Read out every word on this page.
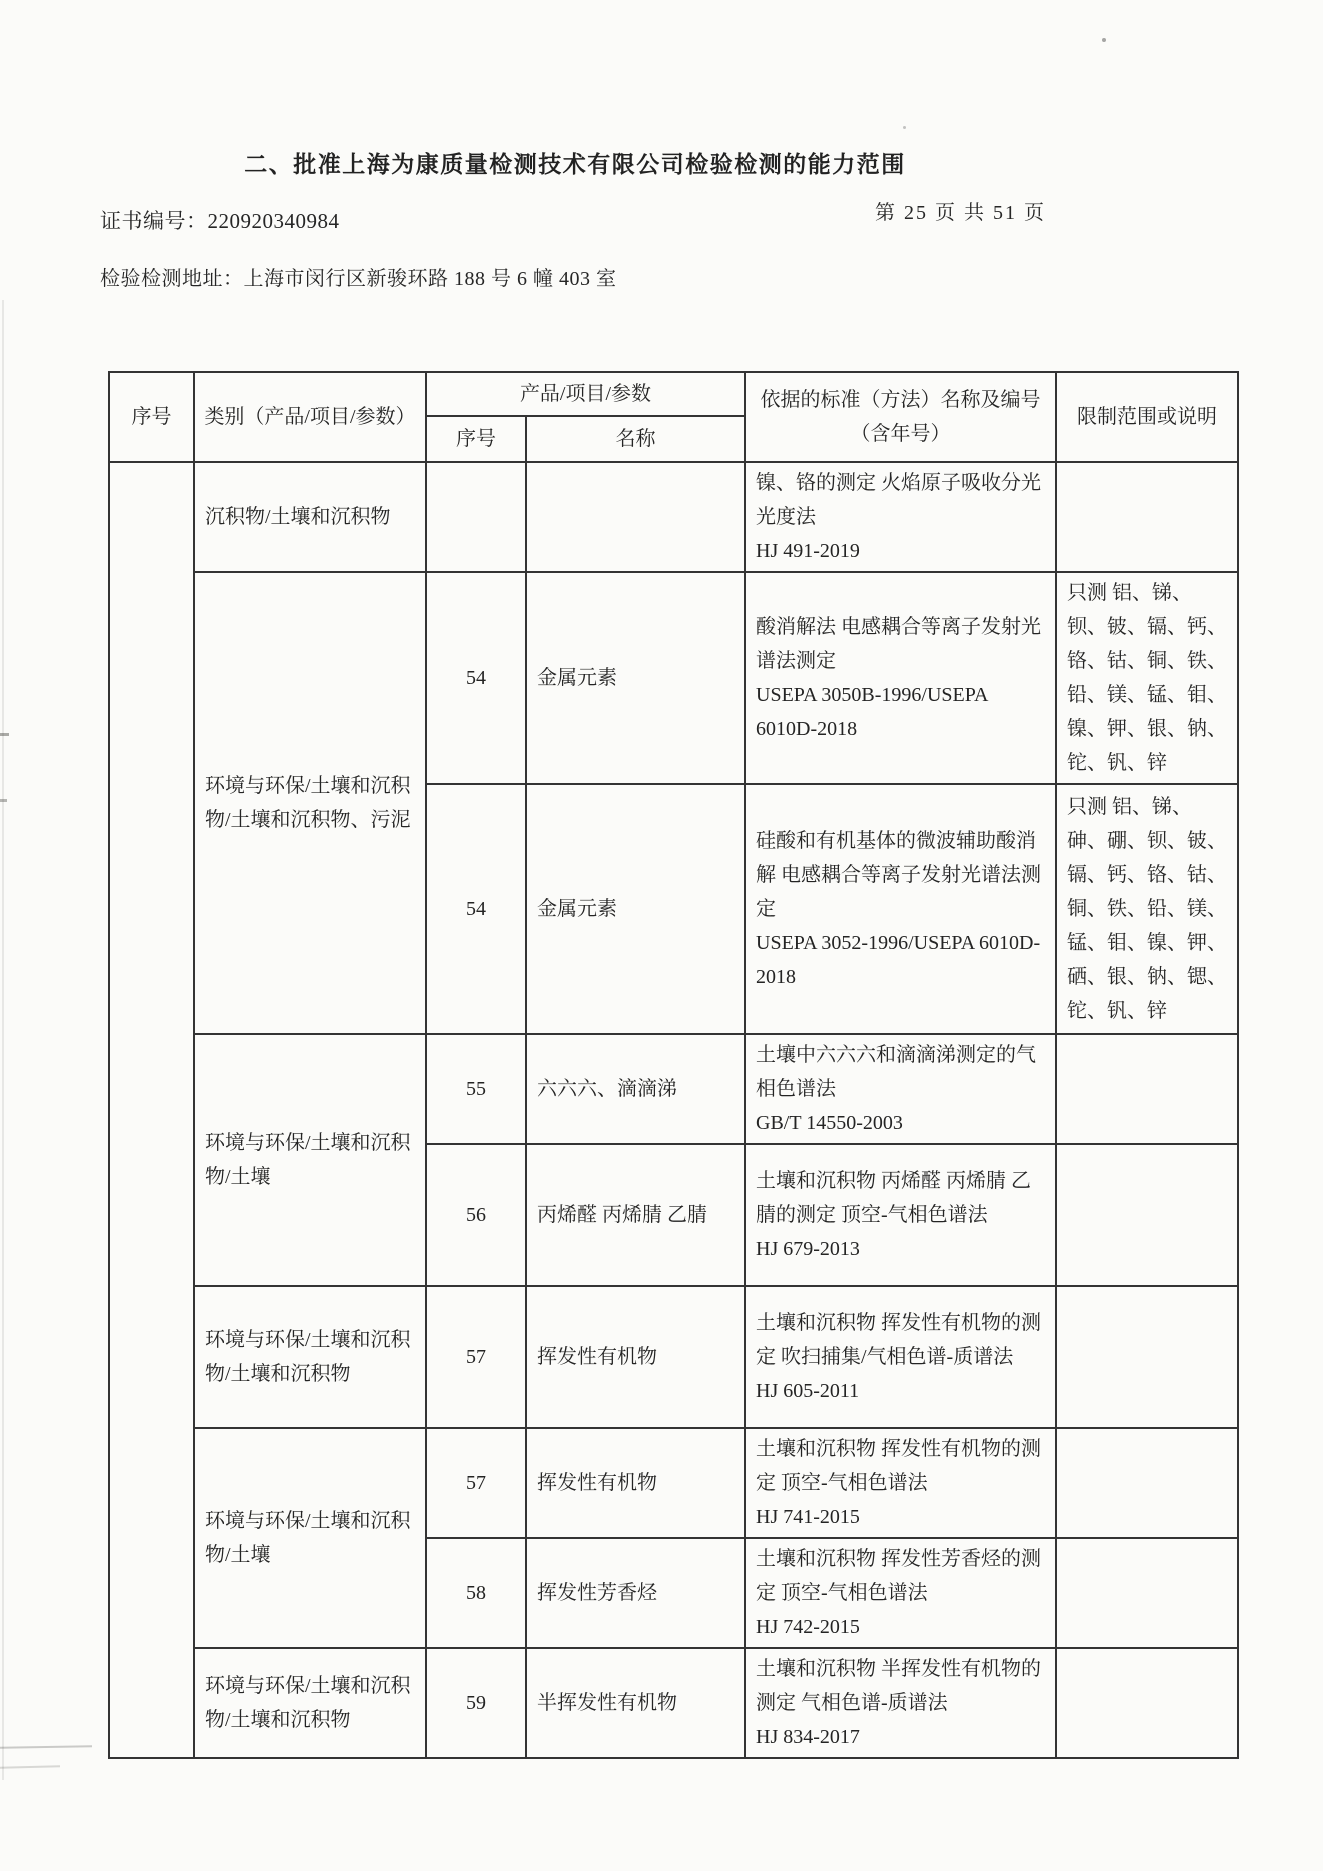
二、批准上海为康质量检测技术有限公司检验检测的能力范围
证书编号：220920340984	第 25 页 共 51 页
检验检测地址：上海市闵行区新骏环路 188 号 6 幢 403 室
序号	类别（产品/项目/参数）	产品/项目/参数		依据的标准（方法）名称及编号（含年号）	限制范围或说明
		序号	名称		
	沉积物/土壤和沉积物			镍、铬的测定 火焰原子吸收分光光度法
HJ 491-2019	

	环境与环保/土壤和沉积物/土壤和沉积物、污泥	54	金属元素	酸消解法 电感耦合等离子发射光谱法测定
USEPA 3050B-1996/USEPA 6010D-2018	只测 铝、锑、钡、铍、镉、钙、铬、钴、铜、铁、铅、镁、锰、钼、镍、钾、银、钠、铊、钒、锌
		54	金属元素	硅酸和有机基体的微波辅助酸消解 电感耦合等离子发射光谱法测定
USEPA 3052-1996/USEPA 6010D-2018	只测 铝、锑、砷、硼、钡、铍、镉、钙、铬、钴、铜、铁、铅、镁、锰、钼、镍、钾、硒、银、钠、锶、铊、钒、锌
	环境与环保/土壤和沉积物/土壤	55	六六六、滴滴涕	土壤中六六六和滴滴涕测定的气相色谱法
GB/T 14550-2003	

		56	丙烯醛 丙烯腈 乙腈	土壤和沉积物 丙烯醛 丙烯腈 乙腈的测定 顶空-气相色谱法
HJ 679-2013	

	环境与环保/土壤和沉积物/土壤和沉积物	57	挥发性有机物	土壤和沉积物 挥发性有机物的测定 吹扫捕集/气相色谱-质谱法
HJ 605-2011	

	环境与环保/土壤和沉积物/土壤	57	挥发性有机物	土壤和沉积物 挥发性有机物的测定 顶空-气相色谱法
HJ 741-2015	

		58	挥发性芳香烃	土壤和沉积物 挥发性芳香烃的测定 顶空-气相色谱法
HJ 742-2015	

	环境与环保/土壤和沉积物/土壤和沉积物	59	半挥发性有机物	土壤和沉积物 半挥发性有机物的测定 气相色谱-质谱法
HJ 834-2017	
